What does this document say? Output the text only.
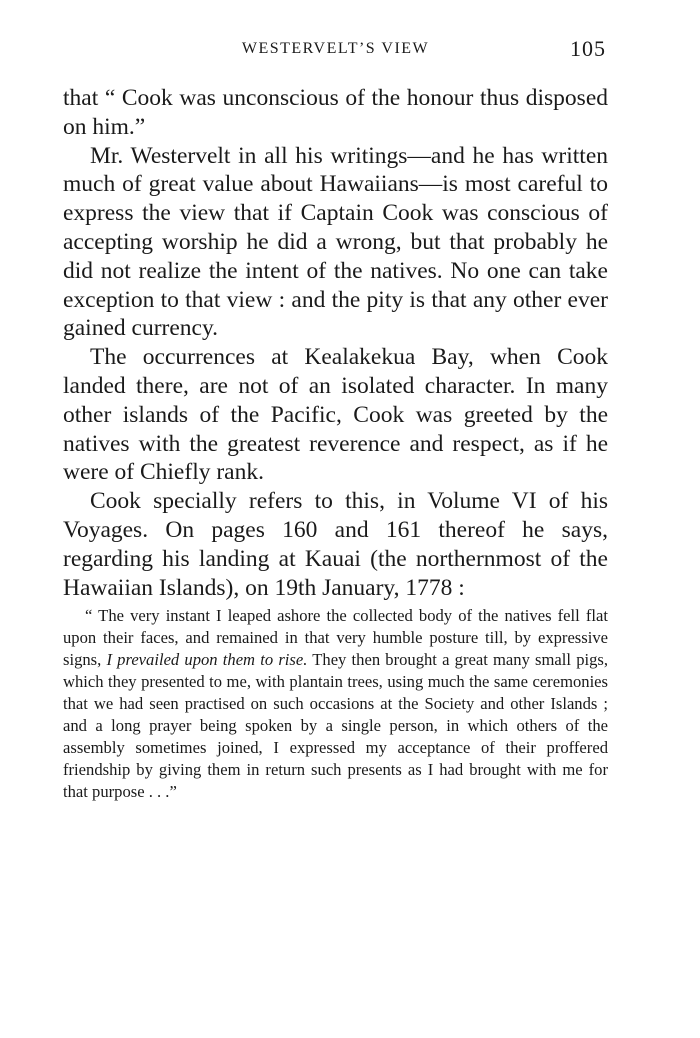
WESTERVELT’S VIEW	105

that “ Cook was unconscious of the honour thus disposed on him.”

Mr. Westervelt in all his writings—and he has written much of great value about Hawaiians—is most careful to express the view that if Captain Cook was conscious of accepting worship he did a wrong, but that probably he did not realize the intent of the natives. No one can take exception to that view : and the pity is that any other ever gained currency.

The occurrences at Kealakekua Bay, when Cook landed there, are not of an isolated character. In many other islands of the Pacific, Cook was greeted by the natives with the greatest reverence and respect, as if he were of Chiefly rank.

Cook specially refers to this, in Volume VI of his Voyages. On pages 160 and 161 thereof he says, regarding his landing at Kauai (the northernmost of the Hawaiian Islands), on 19th January, 1778 :

“ The very instant I leaped ashore the collected body of the natives fell flat upon their faces, and remained in that very humble posture till, by expressive signs, I prevailed upon them to rise. They then brought a great many small pigs, which they presented to me, with plantain trees, using much the same ceremonies that we had seen practised on such occasions at the Society and other Islands ; and a long prayer being spoken by a single person, in which others of the assembly sometimes joined, I expressed my acceptance of their proffered friendship by giving them in return such presents as I had brought with me for that purpose . . .”
